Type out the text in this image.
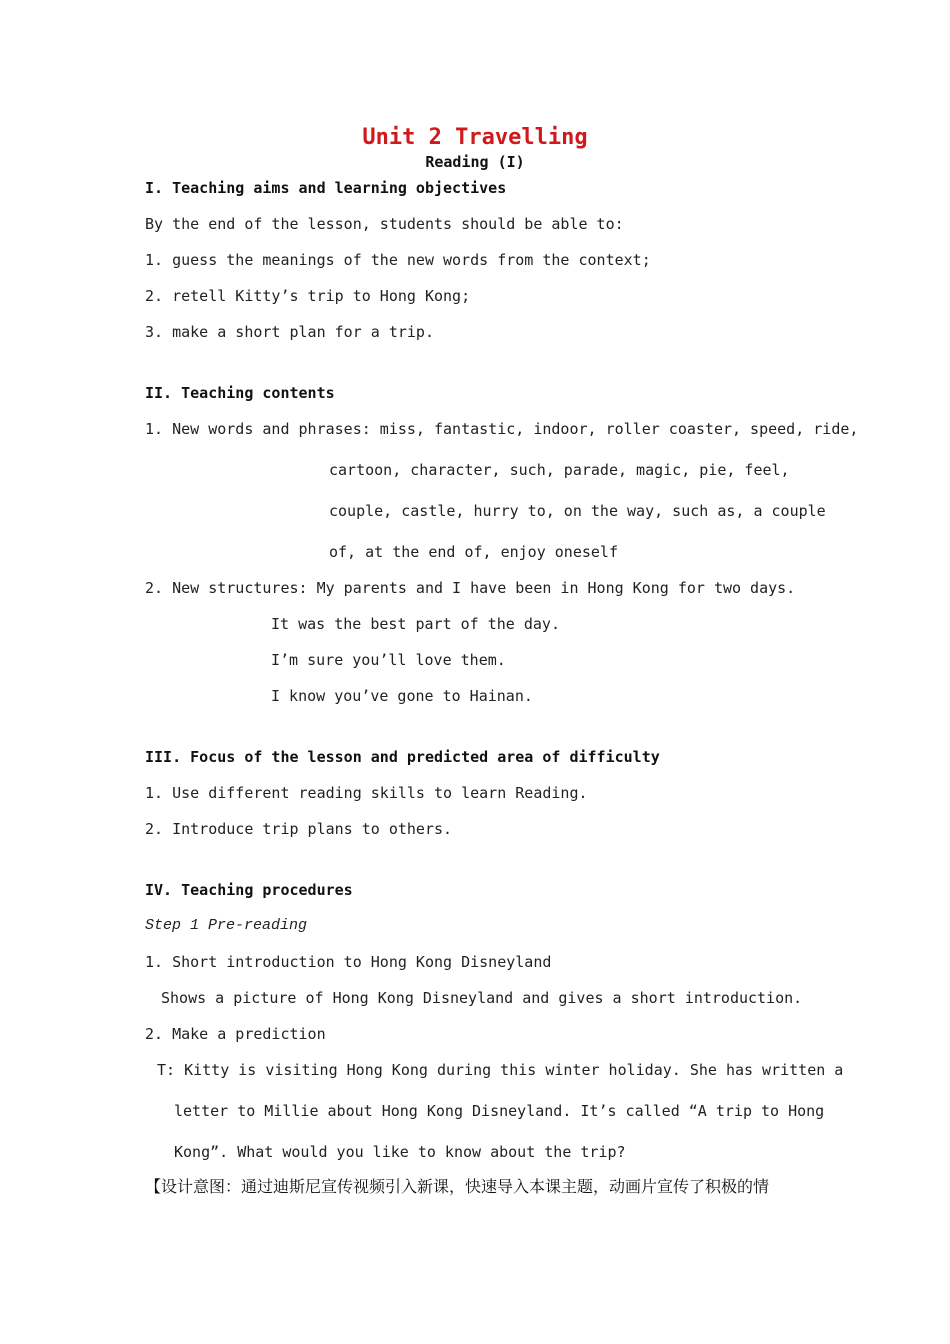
Unit 2 Travelling
Reading (I)
I. Teaching aims and learning objectives
By the end of the lesson, students should be able to:
1. guess the meanings of the new words from the context;
2. retell Kitty’s trip to Hong Kong;
3. make a short plan for a trip.
II. Teaching contents
1. New words and phrases: miss, fantastic, indoor, roller coaster, speed, ride,
cartoon, character, such, parade, magic, pie, feel,
couple, castle, hurry to, on the way, such as, a couple
of, at the end of, enjoy oneself
2. New structures: My parents and I have been in Hong Kong for two days.
It was the best part of the day.
I’m sure you’ll love them.
I know you’ve gone to Hainan.
III. Focus of the lesson and predicted area of difficulty
1. Use different reading skills to learn Reading.
2. Introduce trip plans to others.
IV. Teaching procedures
Step 1 Pre-reading
1. Short introduction to Hong Kong Disneyland
Shows a picture of Hong Kong Disneyland and gives a short introduction.
2. Make a prediction
T: Kitty is visiting Hong Kong during this winter holiday. She has written a
letter to Millie about Hong Kong Disneyland. It’s called “A trip to Hong
Kong”. What would you like to know about the trip?
【设计意图：通过迪斯尼宣传视频引入新课，快速导入本课主题，动画片宣传了积极的情
